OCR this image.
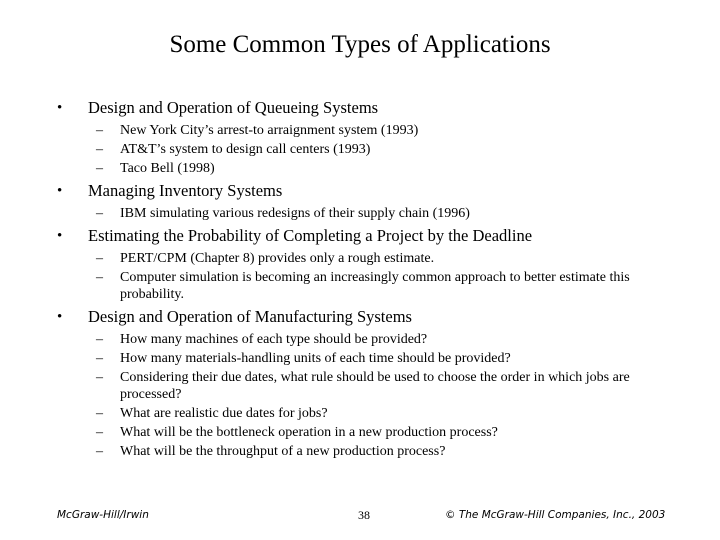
Some Common Types of Applications
•	Design and Operation of Queueing Systems
–	New York City’s arrest-to arraignment system (1993)
–	AT&T’s system to design call centers (1993)
–	Taco Bell (1998)
•	Managing Inventory Systems
–	IBM simulating various redesigns of their supply chain (1996)
•	Estimating the Probability of Completing a Project by the Deadline
–	PERT/CPM (Chapter 8) provides only a rough estimate.
–	Computer simulation is becoming an increasingly common approach to better estimate this probability.
•	Design and Operation of Manufacturing Systems
–	How many machines of each type should be provided?
–	How many materials-handling units of each time should be provided?
–	Considering their due dates, what rule should be used to choose the order in which jobs are processed?
–	What are realistic due dates for jobs?
–	What will be the bottleneck operation in a new production process?
–	What will be the throughput of a new production process?
McGraw-Hill/Irwin	38	© The McGraw-Hill Companies, Inc., 2003
